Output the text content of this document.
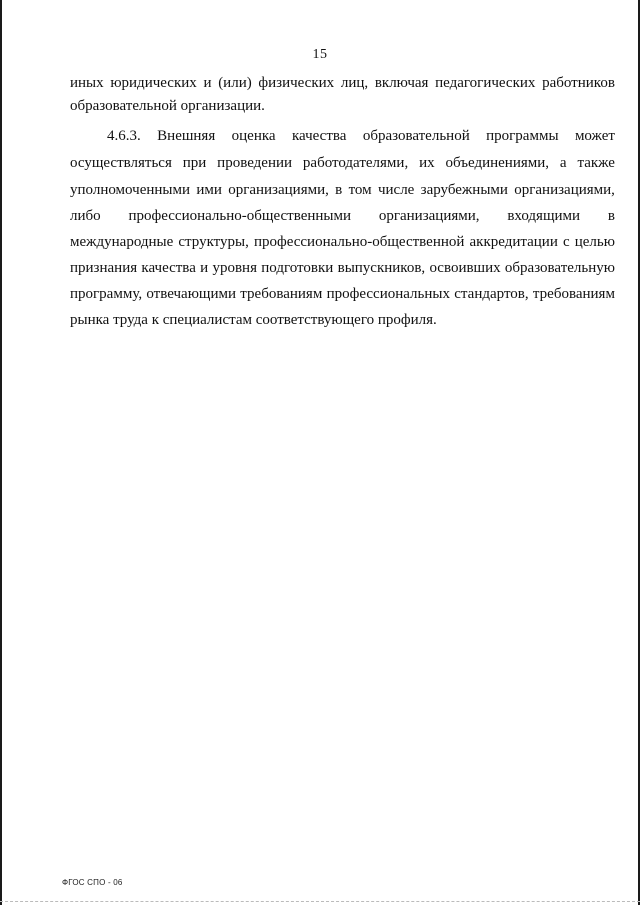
15
иных юридических и (или) физических лиц, включая педагогических работников
образовательной организации.
4.6.3. Внешняя оценка качества образовательной программы может
осуществляться при проведении работодателями, их объединениями, а также
уполномоченными ими организациями, в том числе зарубежными организациями,
либо профессионально-общественными организациями, входящими в
международные структуры, профессионально-общественной аккредитации с целью
признания качества и уровня подготовки выпускников, освоивших образовательную
программу, отвечающими требованиям профессиональных стандартов, требованиям
рынка труда к специалистам соответствующего профиля.
ФГОС СПО - 06
